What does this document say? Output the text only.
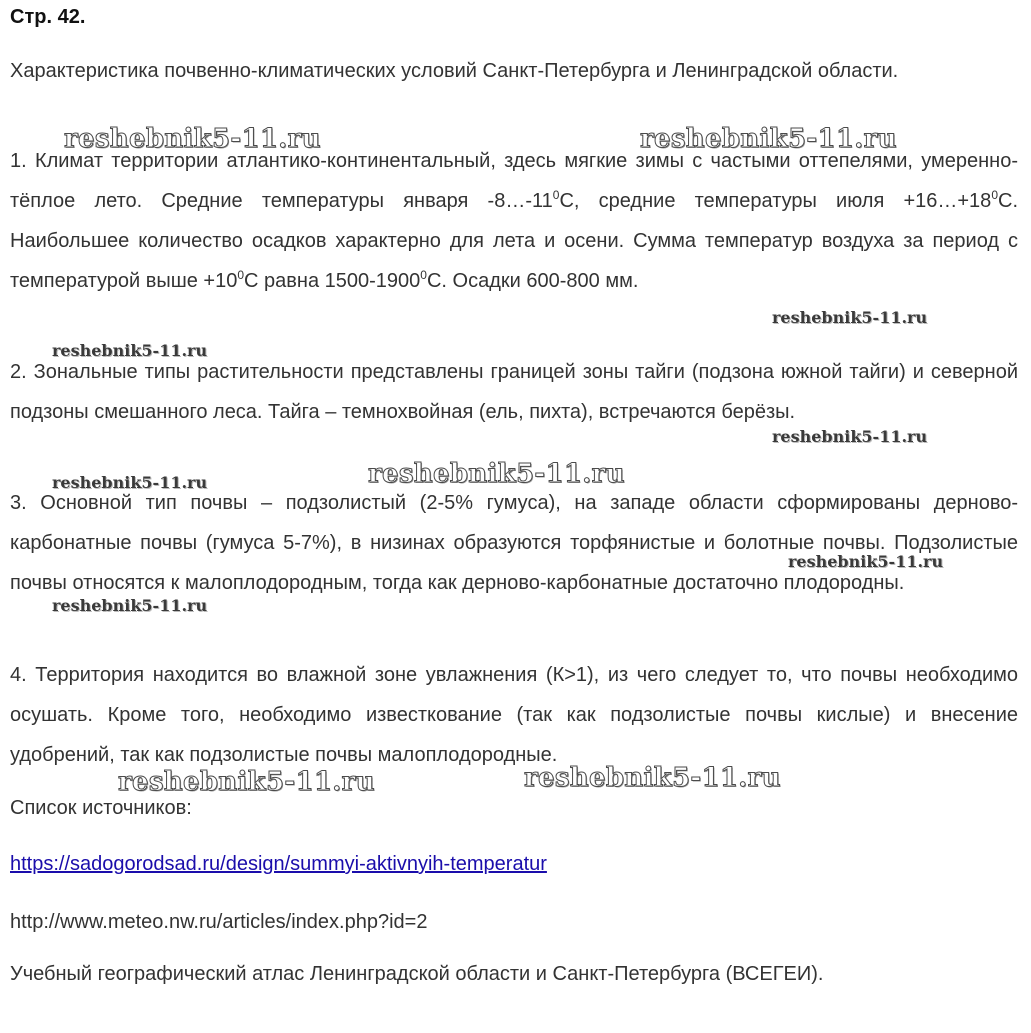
Стр. 42.

Характеристика почвенно-климатических условий Санкт-Петербурга и Ленинградской области.

1. Климат территории атлантико-континентальный, здесь мягкие зимы с частыми оттепелями, умеренно-тёплое лето. Средние температуры января $-8\dots-11^0С$, средние температуры июля $+16\dots+18^0С$. Наибольшее количество осадков характерно для лета и осени. Сумма температур воздуха за период с температурой выше $+10^0С$ равна 1500-1900$^0$С. Осадки 600-800 мм.

2. Зональные типы растительности представлены границей зоны тайги (подзона южной тайги) и северной подзоны смешанного леса. Тайга – темнохвойная (ель, пихта), встречаются берёзы.

3. Основной тип почвы – подзолистый (2-5% гумуса), на западе области сформированы дерново-карбонатные почвы (гумуса 5-7%), в низинах образуются торфянистые и болотные почвы. Подзолистые почвы относятся к малоплодородным, тогда как дерново-карбонатные достаточно плодородны.

4. Территория находится во влажной зоне увлажнения (К>1), из чего следует то, что почвы необходимо осушать. Кроме того, необходимо известкование (так как подзолистые почвы кислые) и внесение удобрений, так как подзолистые почвы малоплодородные.

Список источников:

https://sadogorodsad.ru/design/summyi-aktivnyih-temperatur

http://www.meteo.nw.ru/articles/index.php?id=2

Учебный географический атлас Ленинградской области и Санкт-Петербурга (ВСЕГЕИ).

reshebnik5-11.ru	reshebnik5-11.ru
reshebnik5-11.ru
reshebnik5-11.ru
reshebnik5-11.ru
reshebnik5-11.ru	reshebnik5-11.ru
reshebnik5-11.ru
reshebnik5-11.ru
reshebnik5-11.ru	reshebnik5-11.ru
